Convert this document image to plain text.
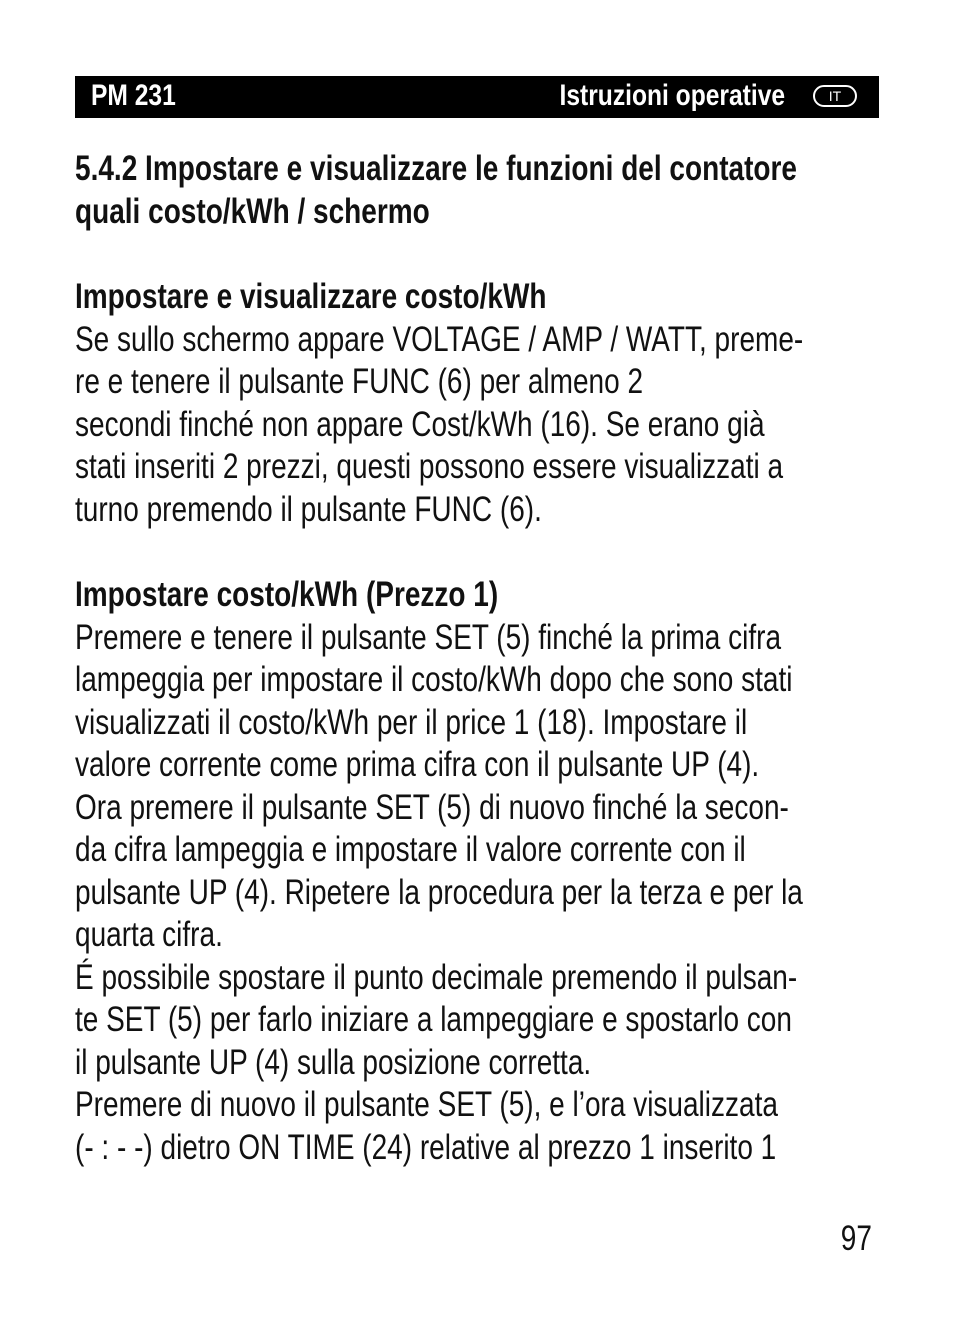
PM 231	Istruzioni operative	IT
5.4.2 Impostare e visualizzare le funzioni del contatore
quali costo/kWh / schermo
Impostare e visualizzare costo/kWh
Se sullo schermo appare VOLTAGE / AMP / WATT, preme-
re e tenere il pulsante FUNC (6) per almeno 2
secondi finché non appare Cost/kWh (16). Se erano già
stati inseriti 2 prezzi, questi possono essere visualizzati a
turno premendo il pulsante FUNC (6).
Impostare costo/kWh (Prezzo 1)
Premere e tenere il pulsante SET (5) finché la prima cifra
lampeggia per impostare il costo/kWh dopo che sono stati
visualizzati il costo/kWh per il price 1 (18). Impostare il
valore corrente come prima cifra con il pulsante UP (4).
Ora premere il pulsante SET (5) di nuovo finché la secon-
da cifra lampeggia e impostare il valore corrente con il
pulsante UP (4). Ripetere la procedura per la terza e per la
quarta cifra.
É possibile spostare il punto decimale premendo il pulsan-
te SET (5) per farlo iniziare a lampeggiare e spostarlo con
il pulsante UP (4) sulla posizione corretta.
Premere di nuovo il pulsante SET (5), e l’ora visualizzata
(- : - -) dietro ON TIME (24) relative al prezzo 1 inserito 1
97
